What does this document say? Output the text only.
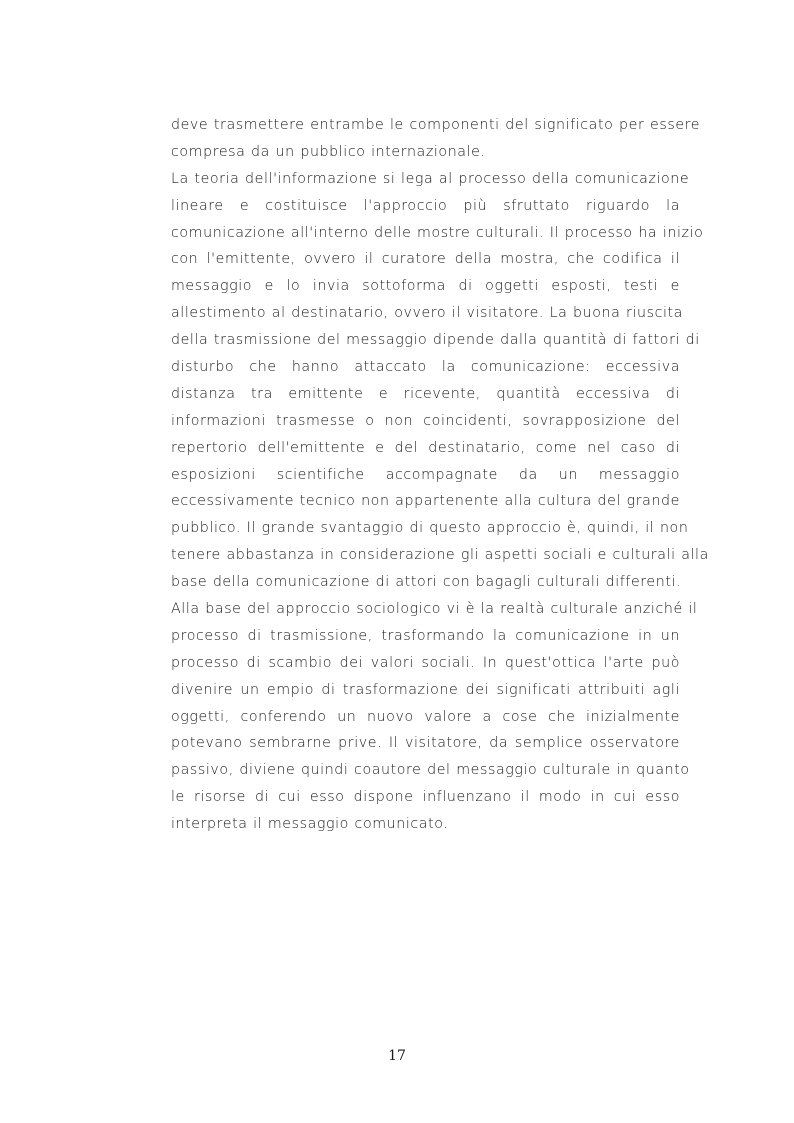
deve trasmettere entrambe le componenti del significato per essere
compresa da un pubblico internazionale.
La teoria dell'informazione si lega al processo della comunicazione
lineare e costituisce l'approccio più sfruttato riguardo la
comunicazione all'interno delle mostre culturali. Il processo ha inizio
con l'emittente, ovvero il curatore della mostra, che codifica il
messaggio e lo invia sottoforma di oggetti esposti, testi e
allestimento al destinatario, ovvero il visitatore. La buona riuscita
della trasmissione del messaggio dipende dalla quantità di fattori di
disturbo che hanno attaccato la comunicazione: eccessiva
distanza tra emittente e ricevente, quantità eccessiva di
informazioni trasmesse o non coincidenti, sovrapposizione del
repertorio dell'emittente e del destinatario, come nel caso di
esposizioni scientifiche accompagnate da un messaggio
eccessivamente tecnico non appartenente alla cultura del grande
pubblico. Il grande svantaggio di questo approccio è, quindi, il non
tenere abbastanza in considerazione gli aspetti sociali e culturali alla
base della comunicazione di attori con bagagli culturali differenti.
Alla base del approccio sociologico vi è la realtà culturale anziché il
processo di trasmissione, trasformando la comunicazione in un
processo di scambio dei valori sociali. In quest'ottica l'arte può
divenire un empio di trasformazione dei significati attribuiti agli
oggetti, conferendo un nuovo valore a cose che inizialmente
potevano sembrarne prive. Il visitatore, da semplice osservatore
passivo, diviene quindi coautore del messaggio culturale in quanto
le risorse di cui esso dispone influenzano il modo in cui esso
interpreta il messaggio comunicato.
17
